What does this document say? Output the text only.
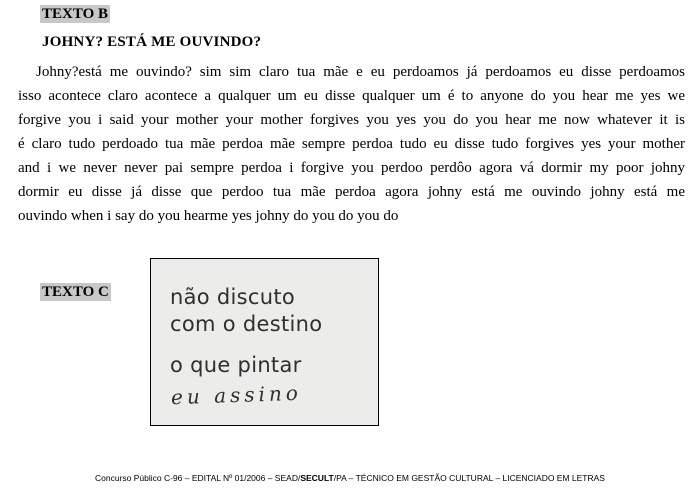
TEXTO B
JOHNY? ESTÁ ME OUVINDO?
Johny?está me ouvindo? sim sim claro tua mãe e eu perdoamos já perdoamos eu disse perdoamos
isso acontece claro acontece a qualquer um eu disse qualquer um é to anyone do you hear me yes we
forgive you i said your mother your mother forgives you yes you do you hear me now whatever it is
é claro tudo perdoado tua mãe perdoa mãe sempre perdoa tudo eu disse tudo forgives yes your mother
and i we never never pai sempre perdoa i forgive you perdoo perdôo agora vá dormir my poor johny
dormir eu disse já disse que perdoo tua mãe perdoa agora johny está me ouvindo johny está me
ouvindo when i say do you hearme yes johny do you do you do
TEXTO C	não discuto
com o destino
o que pintar
eu assino
Concurso Público C-96 – EDITAL Nº 01/2006 – SEAD/SECULT/PA – TÉCNICO EM GESTÃO CULTURAL – LICENCIADO EM LETRAS
